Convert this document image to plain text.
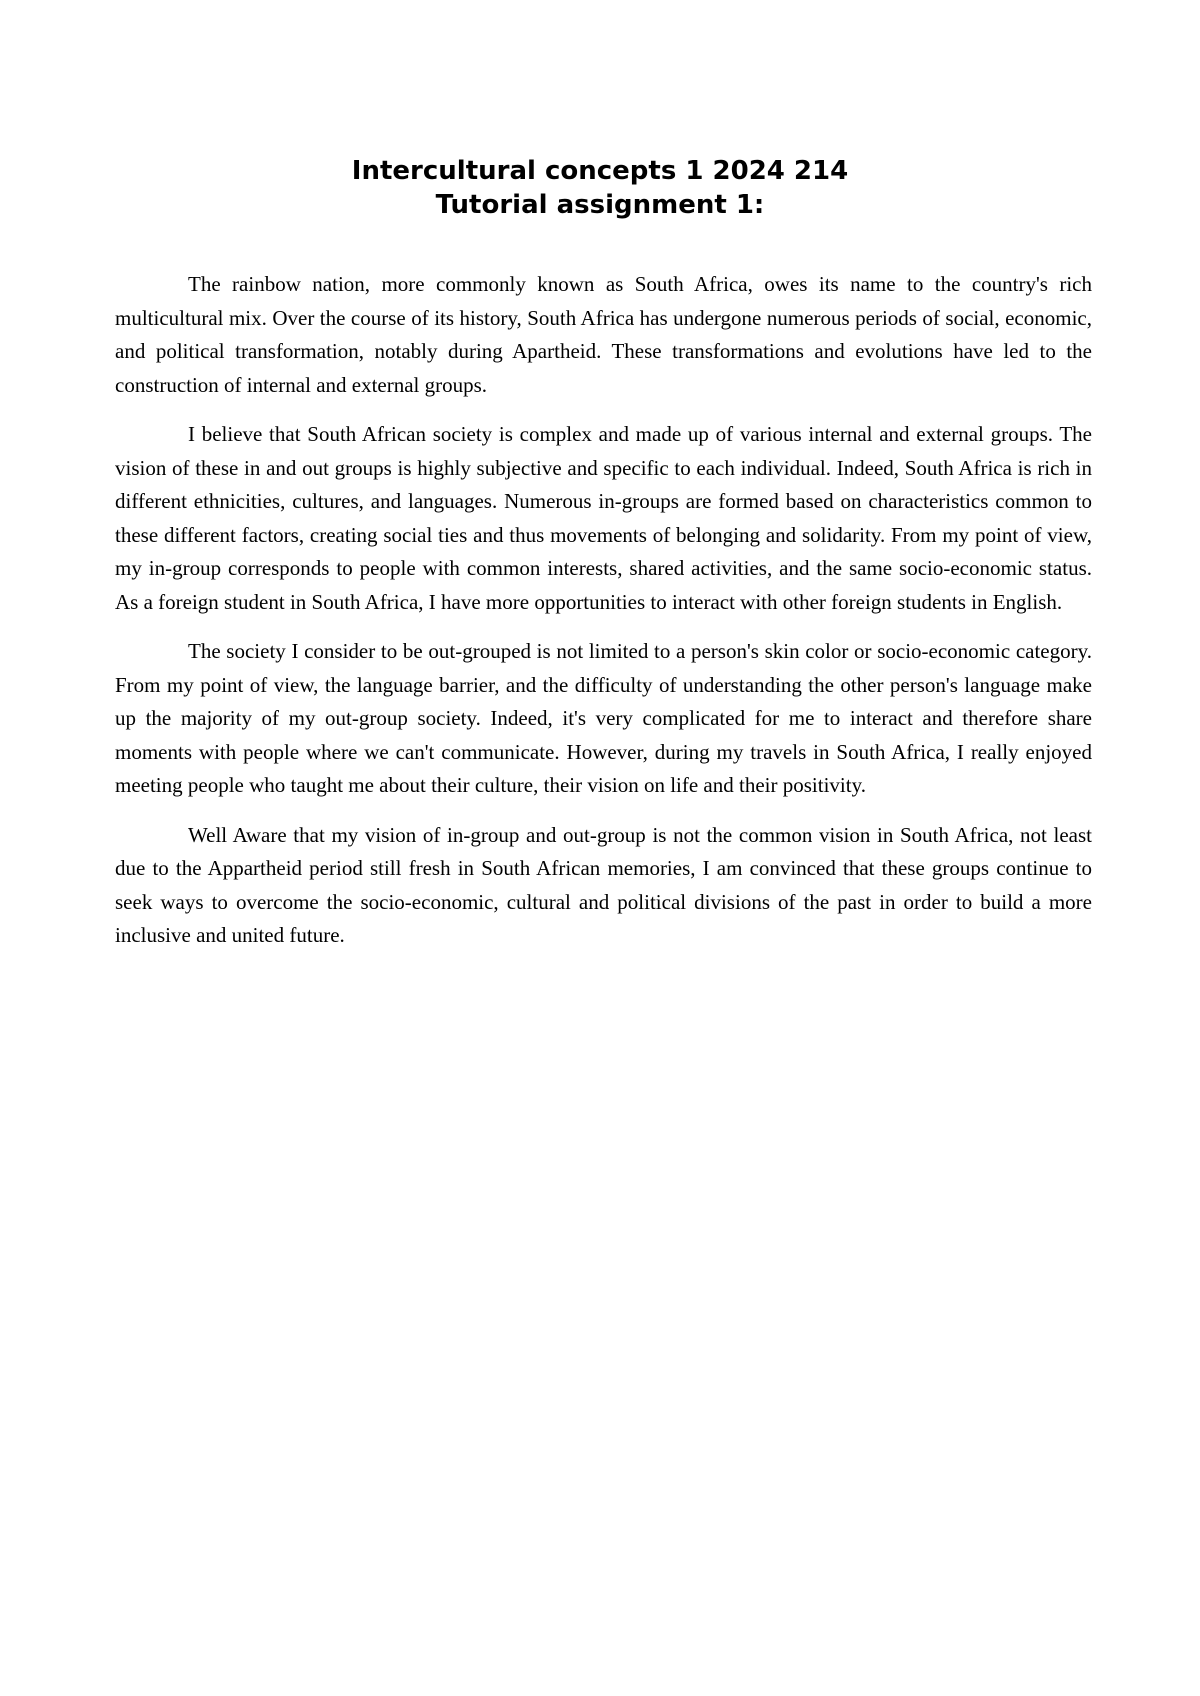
Intercultural concepts 1 2024 214
Tutorial assignment 1:

The rainbow nation, more commonly known as South Africa, owes its name to the country's rich multicultural mix. Over the course of its history, South Africa has undergone numerous periods of social, economic, and political transformation, notably during Apartheid. These transformations and evolutions have led to the construction of internal and external groups.

I believe that South African society is complex and made up of various internal and external groups. The vision of these in and out groups is highly subjective and specific to each individual. Indeed, South Africa is rich in different ethnicities, cultures, and languages. Numerous in-groups are formed based on characteristics common to these different factors, creating social ties and thus movements of belonging and solidarity. From my point of view, my in-group corresponds to people with common interests, shared activities, and the same socio-economic status. As a foreign student in South Africa, I have more opportunities to interact with other foreign students in English.

The society I consider to be out-grouped is not limited to a person's skin color or socio-economic category. From my point of view, the language barrier, and the difficulty of understanding the other person's language make up the majority of my out-group society. Indeed, it's very complicated for me to interact and therefore share moments with people where we can't communicate. However, during my travels in South Africa, I really enjoyed meeting people who taught me about their culture, their vision on life and their positivity.

Well Aware that my vision of in-group and out-group is not the common vision in South Africa, not least due to the Appartheid period still fresh in South African memories, I am convinced that these groups continue to seek ways to overcome the socio-economic, cultural and political divisions of the past in order to build a more inclusive and united future.
